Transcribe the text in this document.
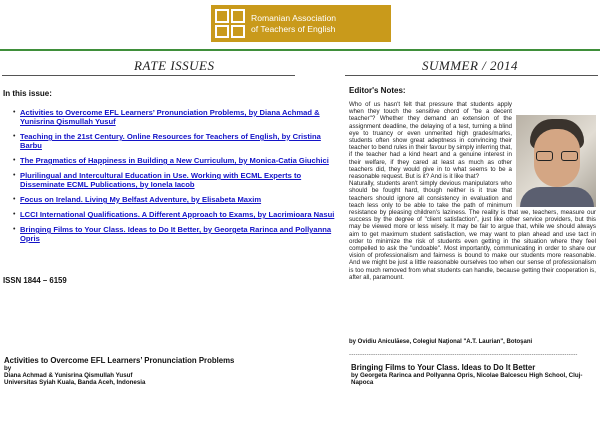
Romanian Association
of Teachers of English
RATE ISSUES	SUMMER / 2014
In this issue:
• Activities to Overcome EFL Learners’ Pronunciation Problems, by Diana Achmad & Yunisrina Qismullah Yusuf
• Teaching in the 21st Century. Online Resources for Teachers of English, by Cristina Barbu
• The Pragmatics of Happiness in Building a New Curriculum, by Monica-Catia Giuchici
• Plurilingual and Intercultural Education in Use. Working with ECML Experts to Disseminate ECML Publications, by Ionela Iacob
• Focus on Ireland. Living My Belfast Adventure, by Elisabeta Maxim
• LCCI International Qualifications. A Different Approach to Exams, by Lacrimioara Nasui
• Bringing Films to Your Class. Ideas to Do It Better, by Georgeta Rarinca and Pollyanna Opris
ISSN 1844 – 6159
Activities to Overcome EFL Learners’ Pronunciation Problems
by
Diana Achmad & Yunisrina Qismullah Yusuf
Universitas Syiah Kuala, Banda Aceh, Indonesia
Editor's Notes:

Who of us hasn't felt that pressure that students apply when they touch the sensitive chord of "be a decent teacher"? Whether they demand an extension of the assignment deadline, the delaying of a test, turning a blind eye to truancy or even unmerited high grades/marks, students often show great adeptness in convincing their teacher to bend rules in their favour by simply inferring that, if the teacher had a kind heart and a genuine interest in their welfare, if they cared at least as much as other teachers did, they would give in to what seems to be a reasonable request. But is it? And is it like that?

Naturally, students aren't simply devious manipulators who should be fought hard, though neither is it true that teachers should ignore all consistency in evaluation and teach less only to be able to take the path of minimum resistance by pleasing children's laziness. The reality is that we, teachers, measure our success by the degree of "client satisfaction", just like other service providers, but this may be viewed more or less wisely. It may be fair to argue that, while we should always aim to get maximum student satisfaction, we may want to plan ahead and use tact in order to minimize the risk of students even getting in the situation where they feel compelled to ask the "undoable". Most importantly, communicating in order to share our vision of professionalism and fairness is bound to make our students more reasonable. And we might be just a little reasonable ourselves too when our sense of professionalism is too much removed from what students can handle, because getting their cooperation is, after all, paramount.

by Ovidiu Aniculăese, Colegiul Naţional "A.T. Laurian", Botoşani
--------------------------------------------------------------------------------------------------------
Bringing Films to Your Class. Ideas to Do It Better
by Georgeta Rarinca and Pollyanna Opris, Nicolae Balcescu High School, Cluj-Napoca
